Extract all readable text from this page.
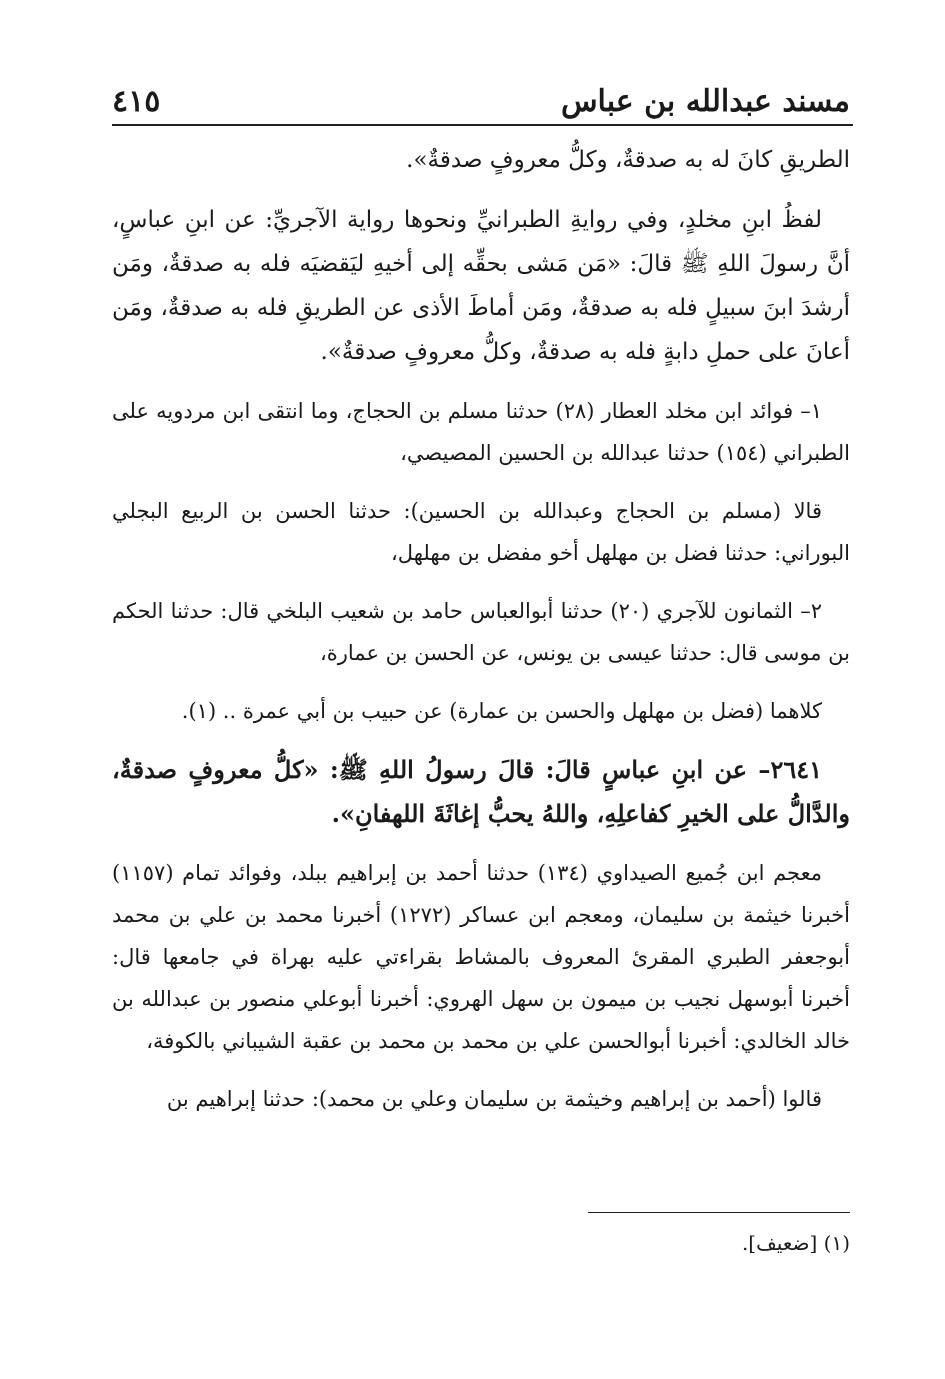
مسند عبدالله بن عباس
٤١٥

الطريقِ كانَ له به صدقةٌ، وكلُّ معروفٍ صدقةٌ».

لفظُ ابنِ مخلدٍ، وفي روايةِ الطبرانيِّ ونحوها رواية الآجريِّ: عن ابنِ عباسٍ، أنَّ رسولَ اللهِ ﷺ قالَ: «مَن مَشى بحقِّه إلى أخيهِ ليَقضيَه فله به صدقةٌ، ومَن أرشدَ ابنَ سبيلٍ فله به صدقةٌ، ومَن أماطَ الأذى عن الطريقِ فله به صدقةٌ، ومَن أعانَ على حملِ دابةٍ فله به صدقةٌ، وكلُّ معروفٍ صدقةٌ».

١– فوائد ابن مخلد العطار (٢٨) حدثنا مسلم بن الحجاج، وما انتقى ابن مردويه على الطبراني (١٥٤) حدثنا عبدالله بن الحسين المصيصي،

قالا (مسلم بن الحجاج وعبدالله بن الحسين): حدثنا الحسن بن الربيع البجلي البوراني: حدثنا فضل بن مهلهل أخو مفضل بن مهلهل،

٢– الثمانون للآجري (٢٠) حدثنا أبوالعباس حامد بن شعيب البلخي قال: حدثنا الحكم بن موسى قال: حدثنا عيسى بن يونس، عن الحسن بن عمارة،

كلاهما (فضل بن مهلهل والحسن بن عمارة) عن حبيب بن أبي عمرة .. (١).

٢٦٤١– عن ابنِ عباسٍ قالَ: قالَ رسولُ اللهِ ﷺ: «كلُّ معروفٍ صدقةٌ، والدَّالُّ على الخيرِ كفاعلِهِ، واللهُ يحبُّ إغاثَةَ اللهفانِ».

معجم ابن جُميع الصيداوي (١٣٤) حدثنا أحمد بن إبراهيم ببلد، وفوائد تمام (١١٥٧) أخبرنا خيثمة بن سليمان، ومعجم ابن عساكر (١٢٧٢) أخبرنا محمد بن علي بن محمد أبوجعفر الطبري المقرئ المعروف بالمشاط بقراءتي عليه بهراة في جامعها قال: أخبرنا أبوسهل نجيب بن ميمون بن سهل الهروي: أخبرنا أبوعلي منصور بن عبدالله بن خالد الخالدي: أخبرنا أبوالحسن علي بن محمد بن محمد بن عقبة الشيباني بالكوفة،

قالوا (أحمد بن إبراهيم وخيثمة بن سليمان وعلي بن محمد): حدثنا إبراهيم بن

(١) [ضعيف].
